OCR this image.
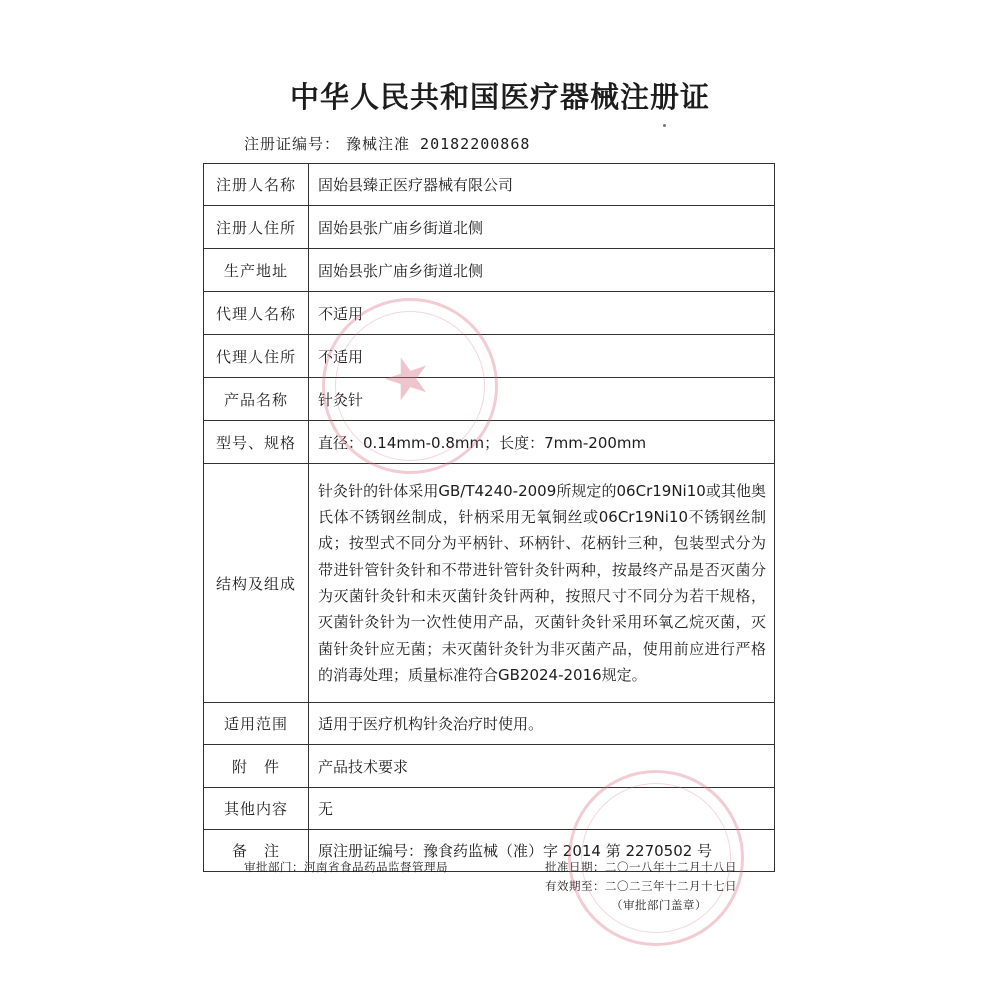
中华人民共和国医疗器械注册证
注册证编号： 豫械注准 20182200868
注册人名称	固始县臻正医疗器械有限公司
注册人住所	固始县张广庙乡街道北侧
生产地址	固始县张广庙乡街道北侧
代理人名称	不适用
代理人住所	不适用
产品名称	针灸针
型号、规格	直径：0.14mm-0.8mm；长度：7mm-200mm
结构及组成	针灸针的针体采用GB/T4240-2009所规定的06Cr19Ni10或其他奥氏体不锈钢丝制成，针柄采用无氧铜丝或06Cr19Ni10不锈钢丝制成；按型式不同分为平柄针、环柄针、花柄针三种，包装型式分为带进针管针灸针和不带进针管针灸针两种，按最终产品是否灭菌分为灭菌针灸针和未灭菌针灸针两种，按照尺寸不同分为若干规格，灭菌针灸针为一次性使用产品，灭菌针灸针采用环氧乙烷灭菌，灭菌针灸针应无菌；未灭菌针灸针为非灭菌产品，使用前应进行严格的消毒处理；质量标准符合GB2024-2016规定。
适用范围	适用于医疗机构针灸治疗时使用。
附　件	产品技术要求
其他内容	无
备　注	原注册证编号：豫食药监械（准）字 2014 第 2270502 号
审批部门：河南省食品药品监督管理局	批准日期：二〇一八年十二月十八日
有效期至：二〇二三年十二月十七日
（审批部门盖章）
★
